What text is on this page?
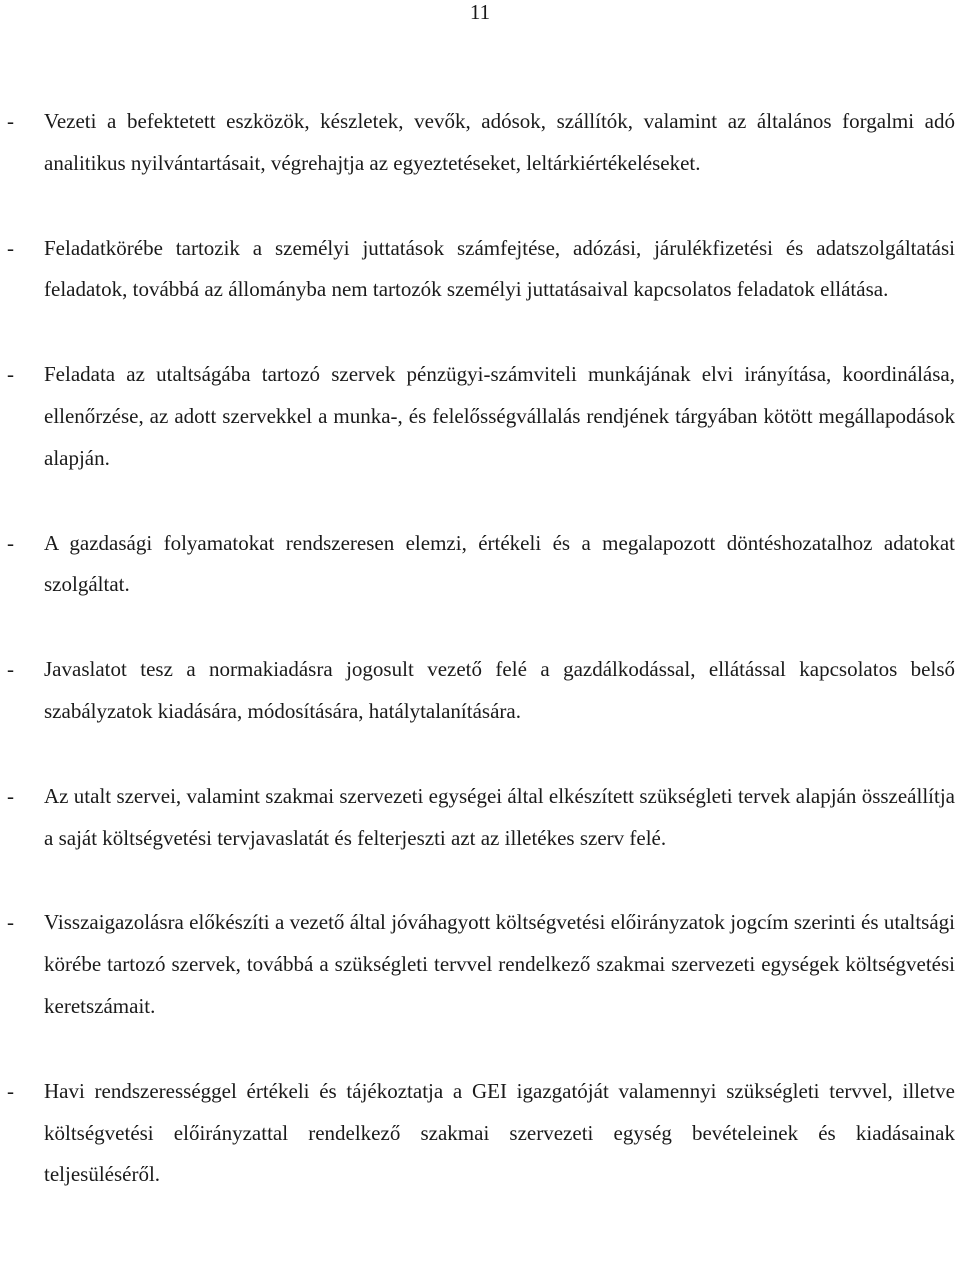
11
- Vezeti a befektetett eszközök, készletek, vevők, adósok, szállítók, valamint az általános forgalmi adó analitikus nyilvántartásait, végrehajtja az egyeztetéseket, leltárkiértékeléseket.
- Feladatkörébe tartozik a személyi juttatások számfejtése, adózási, járulékfizetési és adatszolgáltatási feladatok, továbbá az állományba nem tartozók személyi juttatásaival kapcsolatos feladatok ellátása.
- Feladata az utaltságába tartozó szervek pénzügyi-számviteli munkájának elvi irányítása, koordinálása, ellenőrzése, az adott szervekkel a munka-, és felelősségvállalás rendjének tárgyában kötött megállapodások alapján.
- A gazdasági folyamatokat rendszeresen elemzi, értékeli és a megalapozott döntéshozatalhoz adatokat szolgáltat.
- Javaslatot tesz a normakiadásra jogosult vezető felé a gazdálkodással, ellátással kapcsolatos belső szabályzatok kiadására, módosítására, hatálytalanítására.
- Az utalt szervei, valamint szakmai szervezeti egységei által elkészített szükségleti tervek alapján összeállítja a saját költségvetési tervjavaslatát és felterjeszti azt az illetékes szerv felé.
- Visszaigazolásra előkészíti a vezető által jóváhagyott költségvetési előirányzatok jogcím szerinti és utaltsági körébe tartozó szervek, továbbá a szükségleti tervvel rendelkező szakmai szervezeti egységek költségvetési keretszámait.
- Havi rendszerességgel értékeli és tájékoztatja a GEI igazgatóját valamennyi szükségleti tervvel, illetve költségvetési előirányzattal rendelkező szakmai szervezeti egység bevételeinek és kiadásainak teljesüléséről.
